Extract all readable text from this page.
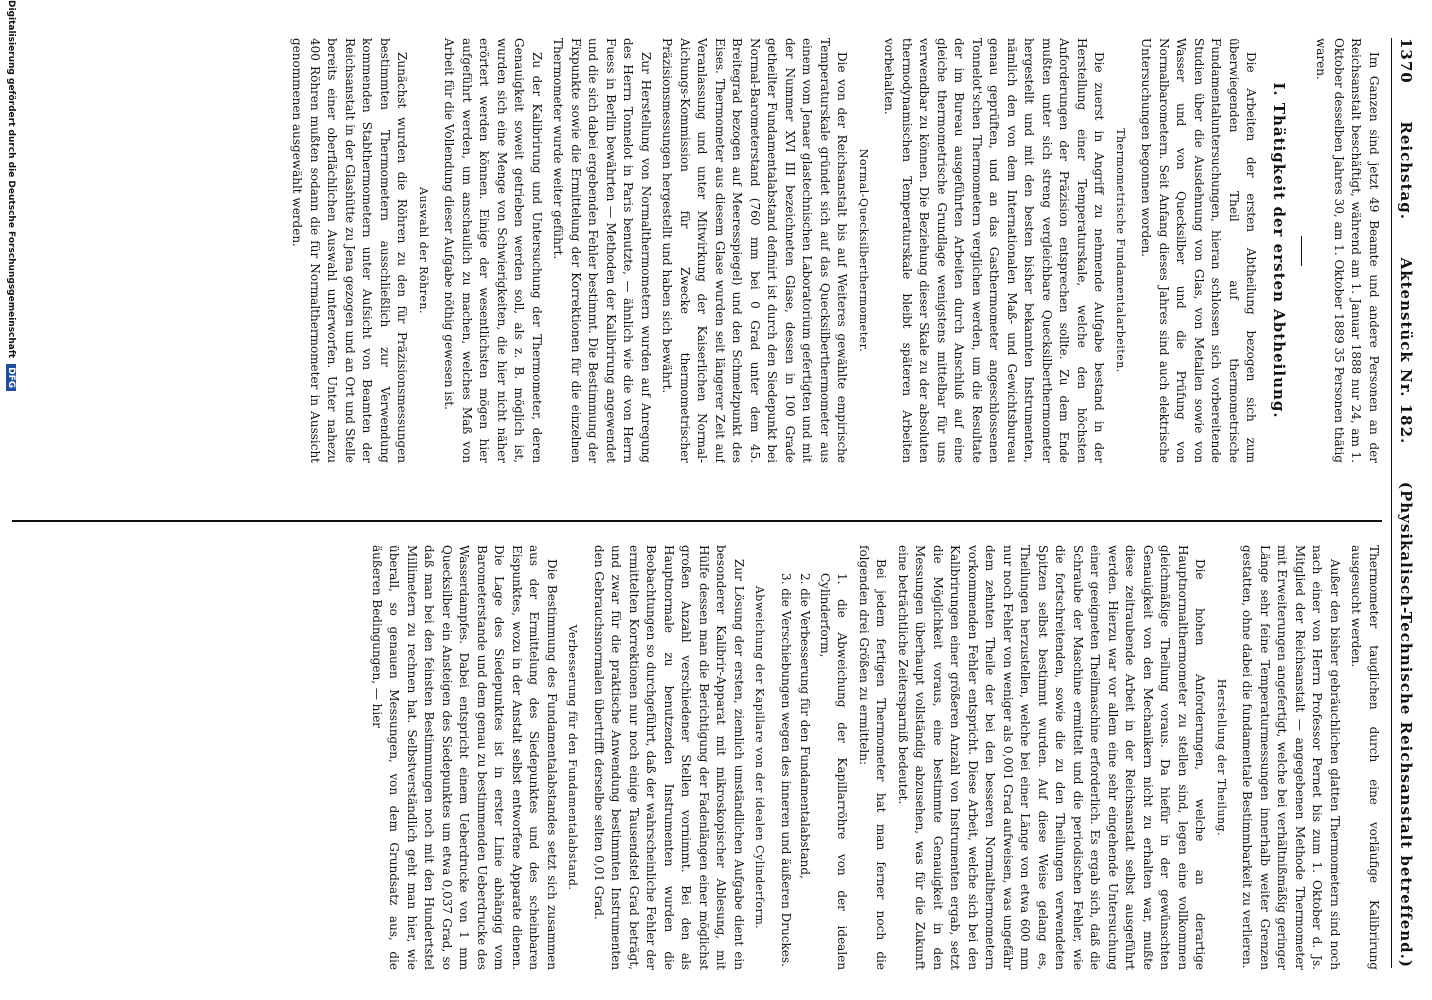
1370
Reichstag.
Aktenstück Nr. 182.
(Physikalisch-Technische Reichsanstalt betreffend.)

Im Ganzen sind jetzt 49 Beamte und andere Personen an der Reichsanstalt beschäftigt, während am 1. Januar 1888 nur 24, am 1. Oktober desselben Jahres 30, am 1. Oktober 1889 35 Personen thätig waren.

I. Thätigkeit der ersten Abtheilung.

Die Arbeiten der ersten Abtheilung bezogen sich zum überwiegenden Theil auf thermometrische Fundamentaluntersuchungen, hieran schlossen sich vorbereitende Studien über die Ausdehnung von Glas, von Metallen sowie von Wasser und von Quecksilber und die Prüfung von Normalbarometern. Seit Anfang dieses Jahres sind auch elektrische Untersuchungen begonnen worden.

Thermometrische Fundamentalarbeiten.

Die zuerst in Angriff zu nehmende Aufgabe bestand in der Herstellung einer Temperaturskale, welche den höchsten Anforderungen der Präzision entsprechen sollte. Zu dem Ende mußten unter sich streng vergleichbare Quecksilberthermometer hergestellt und mit den besten bisher bekannten Instrumenten, nämlich den von dem Internationalen Maß- und Gewichtsbureau genau geprüften, und an das Gasthermometer angeschlossenen Tonnelot'schen Thermometern verglichen werden, um die Resultate der im Bureau ausgeführten Arbeiten durch Anschluß auf eine gleiche thermometrische Grundlage wenigstens mittelbar für uns verwendbar zu können. Die Beziehung dieser Skale zu der absoluten thermodynamischen Temperaturskale bleibt späteren Arbeiten vorbehalten.

Normal-Quecksilberthermometer.

Die von der Reichsanstalt bis auf Weiteres gewählte empirische Temperaturskale gründet sich auf das Quecksilberthermometer aus einem vom Jenaer glastechnischen Laboratorium gefertigten und mit der Nummer XVI III bezeichneten Glase, dessen in 100 Grade getheilter Fundamentalabstand definirt ist durch den Siedepunkt bei Normal-Barometerstand (760 mm bei 0 Grad unter dem 45. Breitegrad bezogen auf Meeresspiegel) und den Schmelzpunkt des Eises. Thermometer aus diesem Glase wurden seit längerer Zeit auf Veranlassung und unter Mitwirkung der Kaiserlichen Normal-Aichungs-Kommission für Zwecke thermometrischer Präzisionsmessungen hergestellt und haben sich bewährt.

Zur Herstellung von Normalthermometern wurden auf Anregung des Herrn Tonnelot in Paris benutzte, — ähnlich wie die von Herrn Fuess in Berlin bewährten — Methoden der Kalibrirung angewendet und die sich dabei ergebenden Fehler bestimmt. Die Bestimmung der Fixpunkte sowie die Ermittelung der Korrektionen für die einzelnen Thermometer wurde weiter geführt.

Zu der Kalibrirung und Untersuchung der Thermometer, deren Genauigkeit soweit getrieben werden soll, als z. B. möglich ist, wurden sich eine Menge von Schwierigkeiten, die hier nicht näher erörtert werden können. Einige der wesentlichsten mögen hier aufgeführt werden, um anschaulich zu machen, welches Maß von Arbeit für die Vollendung dieser Aufgabe nöthig gewesen ist.

Auswahl der Röhren.

Zunächst wurden die Röhren zu den für Präzisionsmessungen bestimmten Thermometern ausschließlich zur Verwendung kommenden Stabthermometern unter Aufsicht von Beamten der Reichsanstalt in der Glashütte zu Jena gezogen und an Ort und Stelle bereits einer oberflächlichen Auswahl unterworfen. Unter nahezu 400 Röhren mußten sodann die für Normalthermometer in Aussicht genommenen ausgewählt werden.

Thermometer tauglichen durch eine vorläufige Kalibrirung ausgesucht werden.

Außer den bisher gebräuchlichen glatten Thermometern sind noch nach einer von Herrn Professor Pernet bis zum 1. Oktober d. Js. Mitglied der Reichsanstalt — angegebenen Methode Thermometer mit Erweiterungen angefertigt, welche bei verhältnißmäßig geringer Länge sehr feine Temperaturmessungen innerhalb weiter Grenzen gestatten, ohne dabei die fundamentale Bestimmbarkeit zu verlieren.

Herstellung der Theilung.

Die hohen Anforderungen, welche an derartige Hauptnormalthermometer zu stellen sind, legen eine vollkommen gleichmäßige Theilung voraus. Da hiefür in der gewünschten Genauigkeit von den Mechanikern nicht zu erhalten war, mußte diese zeitraubende Arbeit in der Reichsanstalt selbst ausgeführt werden. Hierzu war vor allem eine sehr eingehende Untersuchung einer geeigneten Theilmaschine erforderlich. Es ergab sich, daß die Schraube der Maschine ermittelt und die periodischen Fehler, wie die fortschreitenden, sowie die zu den Theilungen verwendeten Spitzen selbst bestimmt wurden. Auf diese Weise gelang es, Theilungen herzustellen, welche bei einer Länge von etwa 600 mm nur noch Fehler von weniger als 0,001 Grad aufweisen, was ungefähr dem zehnten Theile der bei den besseren Normalthermometern vorkommenden Fehler entspricht. Diese Arbeit, welche sich bei den Kalibrirungen einer größeren Anzahl von Instrumenten ergab, setzt die Möglichkeit voraus, eine bestimmte Genauigkeit in den Messungen überhaupt vollständig abzusehen, was für die Zukunft eine beträchtliche Zeitersparniß bedeutet.

Bei jedem fertigen Thermometer hat man ferner noch die folgenden drei Größen zu ermitteln:

1. die Abweichung der Kapillarröhre von der idealen Cylinderform,

2. die Verbesserung für den Fundamentalabstand,

3. die Verschiebungen wegen des inneren und äußeren Druckes.

Abweichung der Kapillare von der idealen Cylinderform.

Zur Lösung der ersten, ziemlich umständlichen Aufgabe dient ein besonderer Kalibrir-Apparat mit mikroskopischer Ablesung, mit Hülfe dessen man die Berichtigung der Fadenlängen einer möglichst großen Anzahl verschiedener Stellen vornimmt. Bei den als Hauptnormale zu benutzenden Instrumenten wurden die Beobachtungen so durchgeführt, daß der wahrscheinliche Fehler der ermittelten Korrektionen nur noch einige Tausendstel Grad beträgt, und zwar für die praktische Anwendung bestimmten Instrumenten den Gebrauchsnormalen übertrifft derselbe selten 0,01 Grad.

Verbesserung für den Fundamentalabstand.

Die Bestimmung des Fundamentalabstandes setzt sich zusammen aus der Ermittelung des Siedepunktes und des scheinbaren Eispunktes, wozu in der Anstalt selbst entworfene Apparate dienen. Die Lage des Siedepunktes ist in erster Linie abhängig vom Barometerstande und dem genau zu bestimmenden Ueberdrucke des Wasserdampfes. Dabei entspricht einem Ueberdrucke von 1 mm Quecksilber ein Ansteigen des Siedepunktes um etwa 0,037 Grad, so daß man bei den feinsten Bestimmungen noch mit den Hundertstel Millimetern zu rechnen hat. Selbstverständlich geht man hier, wie überall, so genauen Messungen, von dem Grundsatz aus, die äußeren Bedingungen, — hier

Digitalisierung gefördert durch die Deutsche Forschungsgemeinschaft
DFG
